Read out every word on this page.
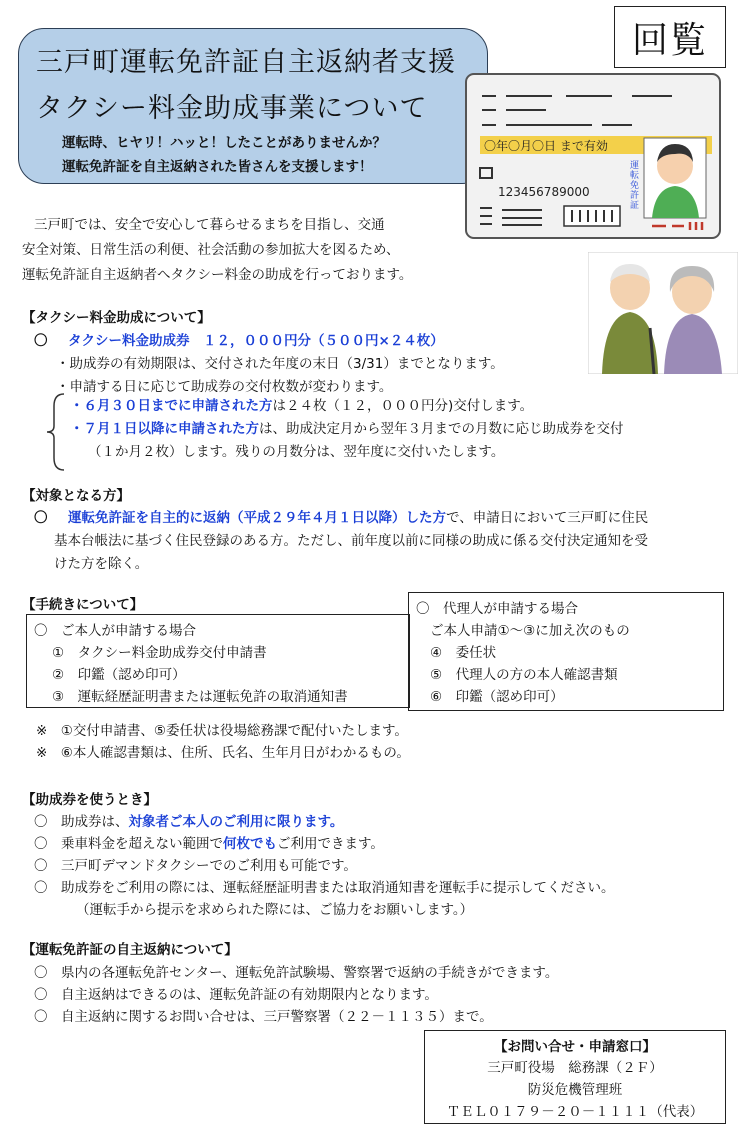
回覧
三戸町運転免許証自主返納者支援
タクシー料金助成事業について
運転時、ヒヤリ！ハッと！したことがありませんか？
運転免許証を自主返納された皆さんを支援します！
〇年〇月〇日 まで有効
123456789000
運転免許証
三戸町では、安全で安心して暮らせるまちを目指し、交通
安全対策、日常生活の利便、社会活動の参加拡大を図るため、
運転免許証自主返納者へタクシー料金の助成を行っております。
【タクシー料金助成について】
〇 タクシー料金助成券　１２，０００円分（５００円×２４枚）
・助成券の有効期限は、交付された年度の末日（3/31）までとなります。
・申請する日に応じて助成券の交付枚数が変わります。
・６月３０日までに申請された方は２４枚（１２，０００円分)交付します。
・７月１日以降に申請された方は、助成決定月から翌年３月までの月数に応じ助成券を交付
（１か月２枚）します。残りの月数分は、翌年度に交付いたします。
【対象となる方】
〇 運転免許証を自主的に返納（平成２９年４月１日以降）した方で、申請日において三戸町に住民
基本台帳法に基づく住民登録のある方。ただし、前年度以前に同様の助成に係る交付決定通知を受
けた方を除く。
【手続きについて】
〇　ご本人が申請する場合
①　タクシー料金助成券交付申請書
②　印鑑（認め印可）
③　運転経歴証明書または運転免許の取消通知書
〇　代理人が申請する場合
ご本人申請①～③に加え次のもの
④　委任状
⑤　代理人の方の本人確認書類
⑥　印鑑（認め印可）
※　①交付申請書、⑤委任状は役場総務課で配付いたします。
※　⑥本人確認書類は、住所、氏名、生年月日がわかるもの。
【助成券を使うとき】
〇　助成券は、対象者ご本人のご利用に限ります。
〇　乗車料金を超えない範囲で何枚でもご利用できます。
〇　三戸町デマンドタクシーでのご利用も可能です。
〇　助成券をご利用の際には、運転経歴証明書または取消通知書を運転手に提示してください。
（運転手から提示を求められた際には、ご協力をお願いします。）
【運転免許証の自主返納について】
〇　県内の各運転免許センター、運転免許試験場、警察署で返納の手続きができます。
〇　自主返納はできるのは、運転免許証の有効期限内となります。
〇　自主返納に関するお問い合せは、三戸警察署（２２－１１３５）まで。
【お問い合せ・申請窓口】
三戸町役場　総務課（２Ｆ）
防災危機管理班
ＴＥＬ０１７９－２０－１１１１（代表）
